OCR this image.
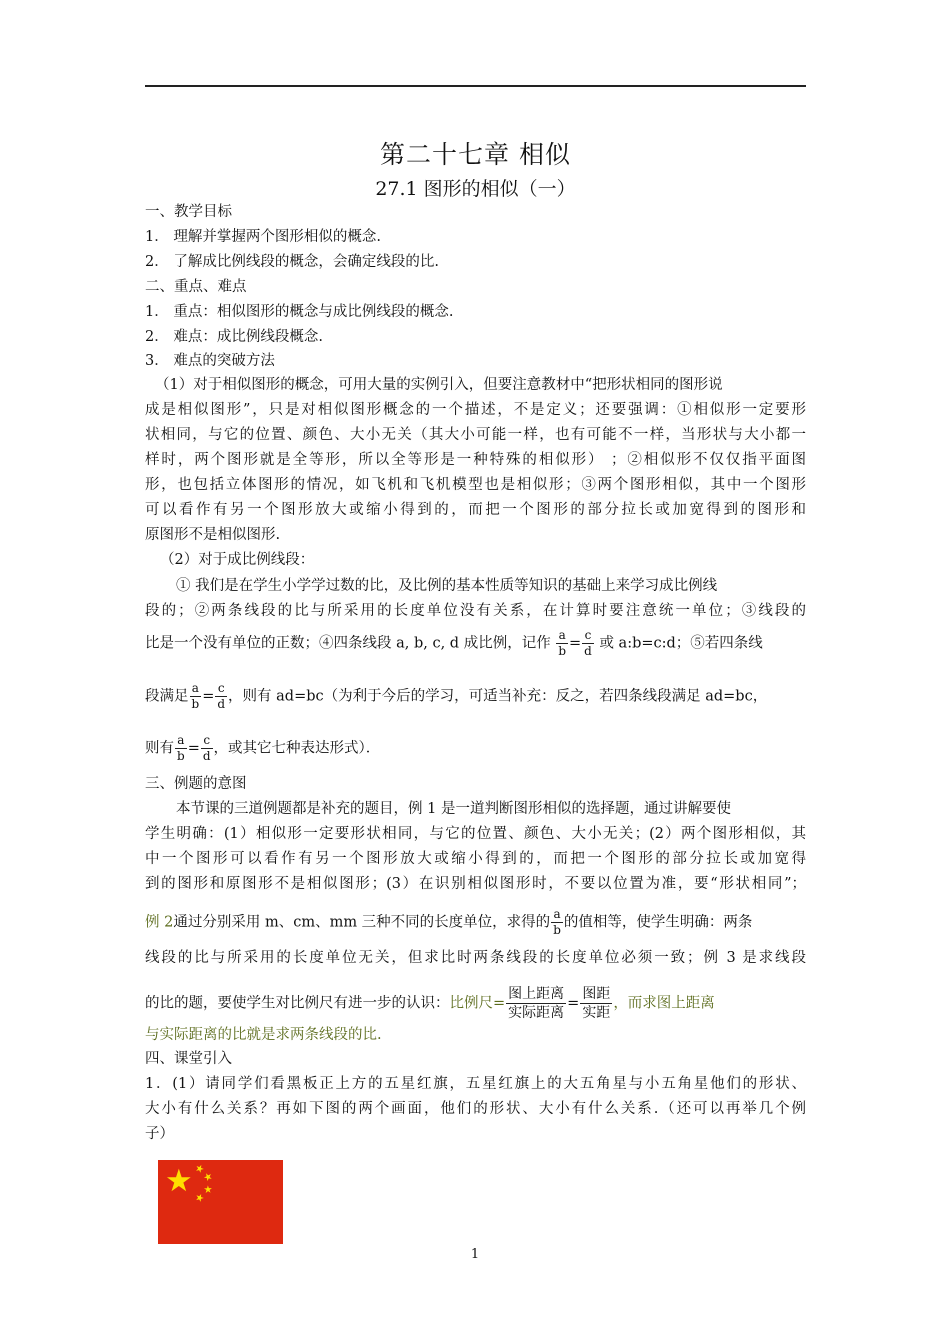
第二十七章 相似
27.1 图形的相似（一）
一、教学目标
1． 理解并掌握两个图形相似的概念.
2． 了解成比例线段的概念，会确定线段的比.
二、重点、难点
1． 重点：相似图形的概念与成比例线段的概念.
2． 难点：成比例线段概念.
3． 难点的突破方法
（1）对于相似图形的概念，可用大量的实例引入，但要注意教材中“把形状相同的图形说
成是相似图形”，只是对相似图形概念的一个描述，不是定义；还要强调：①相似形一定要形
状相同，与它的位置、颜色、大小无关（其大小可能一样，也有可能不一样，当形状与大小都一
样时，两个图形就是全等形，所以全等形是一种特殊的相似形） ；②相似形不仅仅指平面图
形，也包括立体图形的情况，如飞机和飞机模型也是相似形；③两个图形相似，其中一个图形
可以看作有另一个图形放大或缩小得到的，而把一个图形的部分拉长或加宽得到的图形和
原图形不是相似图形.
（2）对于成比例线段：
① 我们是在学生小学学过数的比，及比例的基本性质等知识的基础上来学习成比例线
段的；②两条线段的比与所采用的长度单位没有关系，在计算时要注意统一单位；③线段的
比是一个没有单位的正数；④四条线段 a, b, c, d 成比例，记作 $\frac{a}{b} = \frac{c}{d}$ 或 a:b=c:d；⑤若四条线
段满足 $\frac{a}{b} = \frac{c}{d}$ ，则有 ad=bc（为利于今后的学习，可适当补充：反之，若四条线段满足 ad=bc，
则有 $\frac{a}{b} = \frac{c}{d}$ ，或其它七种表达形式）．
三、例题的意图
本节课的三道例题都是补充的题目，例 1 是一道判断图形相似的选择题，通过讲解要使
学生明确：(1）相似形一定要形状相同，与它的位置、颜色、大小无关；(2）两个图形相似，其
中一个图形可以看作有另一个图形放大或缩小得到的，而把一个图形的部分拉长或加宽得
到的图形和原图形不是相似图形；(3）在识别相似图形时，不要以位置为准，要“形状相同”；
例 2通过分别采用 m、cm、mm 三种不同的长度单位，求得的 $\frac{a}{b}$ 的值相等，使学生明确：两条
线段的比与所采用的长度单位无关，但求比时两条线段的长度单位必须一致；例 3 是求线段
的比的题，要使学生对比例尺有进一步的认识：比例尺= $\frac{\text{图上距离}}{\text{实际距离}} = \frac{\text{图距}}{\text{实距}}$ ，而求图上距离
与实际距离的比就是求两条线段的比.
四、课堂引入
1．(1）请同学们看黑板正上方的五星红旗，五星红旗上的大五角星与小五角星他们的形状、
大小有什么关系？再如下图的两个画面，他们的形状、大小有什么关系.（还可以再举几个例
子）
1
